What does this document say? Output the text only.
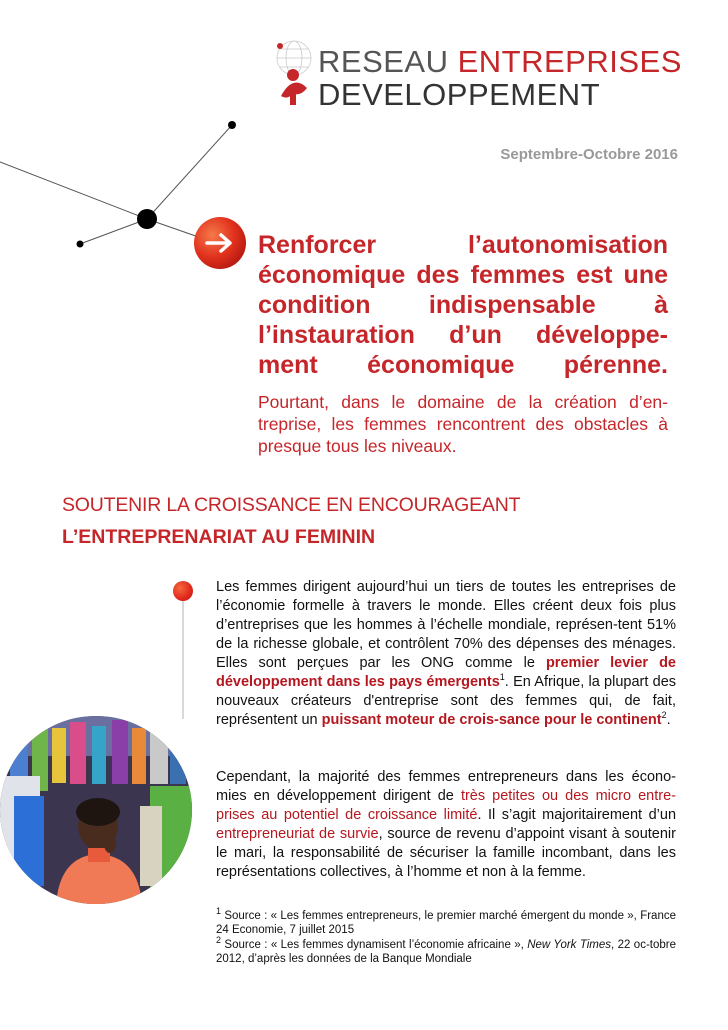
RESEAU ENTREPRISES
DEVELOPPEMENT
Septembre-Octobre 2016

Renforcer l’autonomisation économique des femmes est une condition indispensable à l’instauration d’un développe-ment économique pérenne.

Pourtant, dans le domaine de la création d’en-treprise, les femmes rencontrent des obstacles à presque tous les niveaux.

SOUTENIR LA CROISSANCE EN ENCOURAGEANT
L’ENTREPRENARIAT AU FEMININ

Les femmes dirigent aujourd’hui un tiers de toutes les entreprises de l’économie formelle à travers le monde. Elles créent deux fois plus d’entreprises que les hommes à l’échelle mondiale, représen-tent 51% de la richesse globale, et contrôlent 70% des dépenses des ménages. Elles sont perçues par les ONG comme le premier levier de développement dans les pays émergents$^1$. En Afrique, la plupart des nouveaux créateurs d'entreprise sont des femmes qui, de fait, représentent un puissant moteur de crois-sance pour le continent$^2$.

Cependant, la majorité des femmes entrepreneurs dans les écono-mies en développement dirigent de très petites ou des micro entre-prises au potentiel de croissance limité. Il s’agit majoritairement d’un entrepreneuriat de survie, source de revenu d’appoint visant à soutenir le mari, la responsabilité de sécuriser la famille incombant, dans les représentations collectives, à l’homme et non à la femme.

$^1$ Source : « Les femmes entrepreneurs, le premier marché émergent du monde », France 24 Economie, 7 juillet 2015

$^2$ Source : « Les femmes dynamisent l’économie africaine », New York Times, 22 oc-tobre 2012, d’après les données de la Banque Mondiale
